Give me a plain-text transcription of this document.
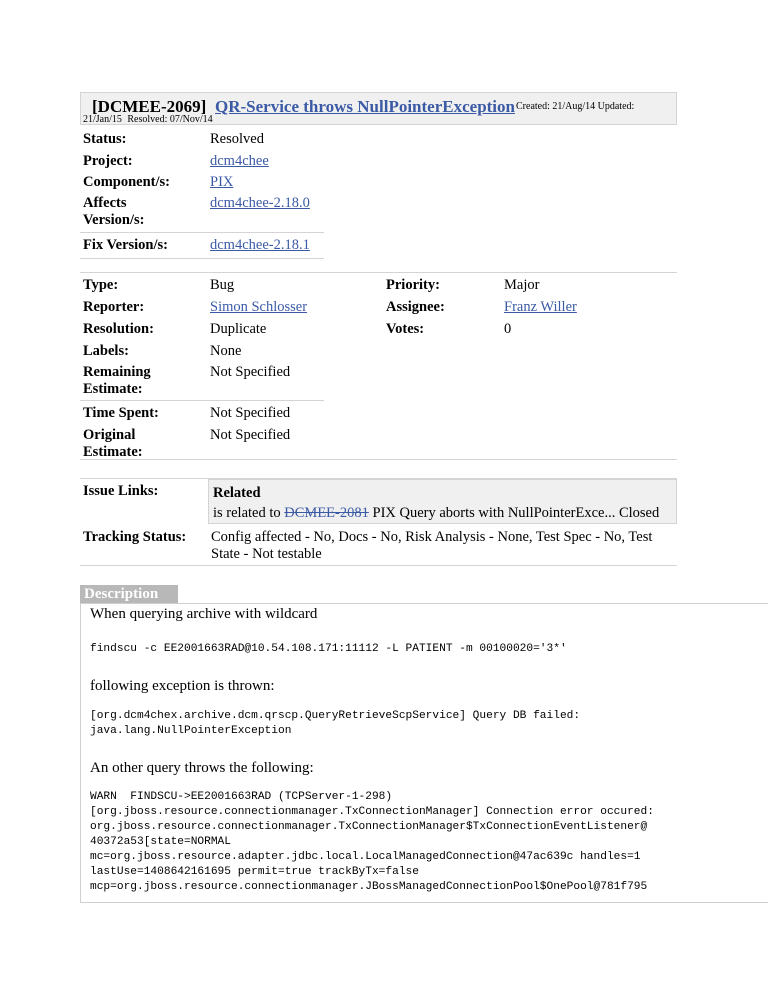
[DCMEE-2069] QR-Service throws NullPointerException Created: 21/Aug/14 Updated:
21/Jan/15 Resolved: 07/Nov/14
Status:	Resolved
Project:	dcm4chee
Component/s:	PIX
Affects
Version/s:
dcm4chee-2.18.0
Fix Version/s:	dcm4chee-2.18.1
Type:	Bug	Priority:	Major
Reporter:	Simon Schlosser	Assignee:	Franz Willer
Resolution:	Duplicate	Votes:	0
Labels:	None
Remaining
Estimate:
Not Specified
Time Spent:	Not Specified
Original
Estimate:
Not Specified
Issue Links:	Related
is related to DCMEE-2081 PIX Query aborts with NullPointerExce... Closed
Tracking Status: Config affected - No, Docs - No, Risk Analysis - None, Test Spec - No, Test
State - Not testable
Description
When querying archive with wildcard
findscu -c EE2001663RAD@10.54.108.171:11112 -L PATIENT -m 00100020='3*'
following exception is thrown:
[org.dcm4chex.archive.dcm.qrscp.QueryRetrieveScpService] Query DB failed:
java.lang.NullPointerException
An other query throws the following:
WARN  FINDSCU->EE2001663RAD (TCPServer-1-298)
[org.jboss.resource.connectionmanager.TxConnectionManager] Connection error occured:
org.jboss.resource.connectionmanager.TxConnectionManager$TxConnectionEventListener@
40372a53[state=NORMAL
mc=org.jboss.resource.adapter.jdbc.local.LocalManagedConnection@47ac639c handles=1
lastUse=1408642161695 permit=true trackByTx=false
mcp=org.jboss.resource.connectionmanager.JBossManagedConnectionPool$OnePool@781f795
